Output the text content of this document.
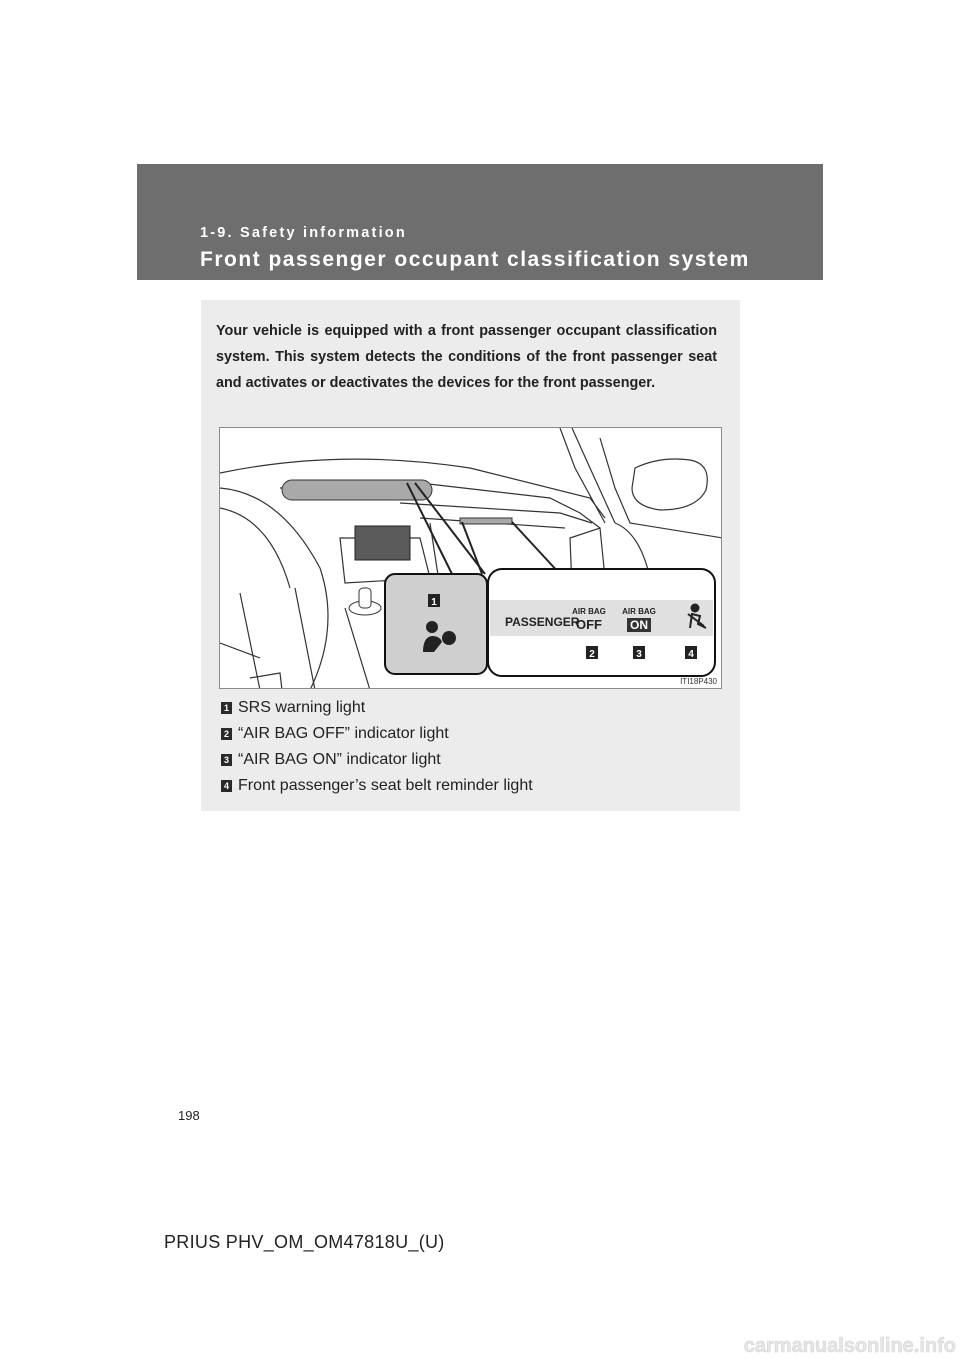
1-9. Safety information

Front passenger occupant classification system

Your vehicle is equipped with a front passenger occupant classification system. This system detects the conditions of the front passenger seat and activates or deactivates the devices for the front passenger.

1
PASSENGER
AIR BAG
OFF
AIR BAG
ON
2	3	4
ITI18P430
1 SRS warning light
2 “AIR BAG OFF” indicator light
3 “AIR BAG ON” indicator light
4 Front passenger’s seat belt reminder light
198
PRIUS PHV_OM_OM47818U_(U)
carmanualsonline.info
